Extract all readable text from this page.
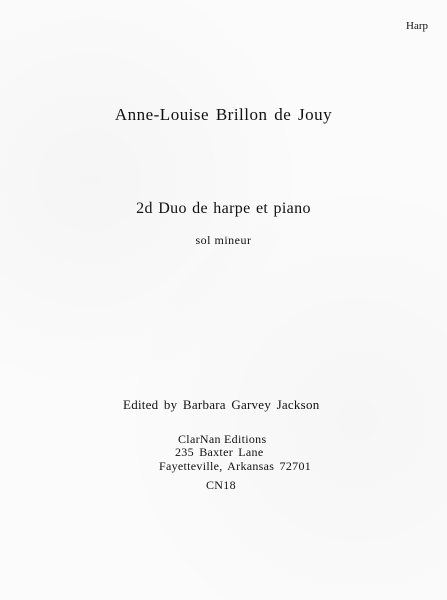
Harp
Anne-Louise Brillon de Jouy
2d Duo de harpe et piano
sol mineur
Edited by Barbara Garvey Jackson
ClarNan Editions
235 Baxter Lane
Fayetteville, Arkansas 72701
CN18
